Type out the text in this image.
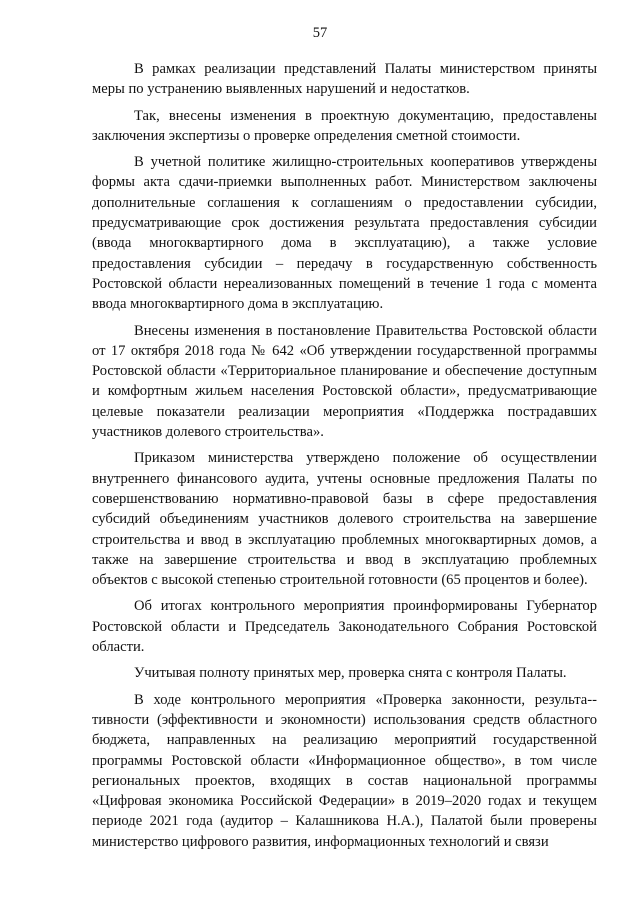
57

В рамках реализации представлений Палаты министерством приняты меры по устранению выявленных нарушений и недостатков.

Так, внесены изменения в проектную документацию, предоставлены заключения экспертизы о проверке определения сметной стоимости.

В учетной политике жилищно-строительных кооперативов утверждены формы акта сдачи-приемки выполненных работ. Министерством заключены дополнительные соглашения к соглашениям о предоставлении субсидии, предусматривающие срок достижения результата предоставления субсидии (ввода многоквартирного дома в эксплуатацию), а также условие предоставления субсидии – передачу в государственную собственность Ростовской области нереализованных помещений в течение 1 года с момента ввода многоквартирного дома в эксплуатацию.

Внесены изменения в постановление Правительства Ростовской области от 17 октября 2018 года № 642 «Об утверждении государственной программы Ростовской области «Территориальное планирование и обеспечение доступным и комфортным жильем населения Ростовской области», предусматривающие целевые показатели реализации мероприятия «Поддержка пострадавших участников долевого строительства».

Приказом министерства утверждено положение об осуществлении внутреннего финансового аудита, учтены основные предложения Палаты по совершенствованию нормативно-правовой базы в сфере предоставления субсидий объединениям участников долевого строительства на завершение строительства и ввод в эксплуатацию проблемных многоквартирных домов, а также на завершение строительства и ввод в эксплуатацию проблемных объектов с высокой степенью строительной готовности (65 процентов и более).

Об итогах контрольного мероприятия проинформированы Губернатор Ростовской области и Председатель Законодательного Собрания Ростовской области.

Учитывая полноту принятых мер, проверка снята с контроля Палаты.

В ходе контрольного мероприятия «Проверка законности, результа-тивности (эффективности и экономности) использования средств областного бюджета, направленных на реализацию мероприятий государственной программы Ростовской области «Информационное общество», в том числе региональных проектов, входящих в состав национальной программы «Цифровая экономика Российской Федерации» в 2019–2020 годах и текущем периоде 2021 года (аудитор – Калашникова Н.А.), Палатой были проверены министерство цифрового развития, информационных технологий и связи
